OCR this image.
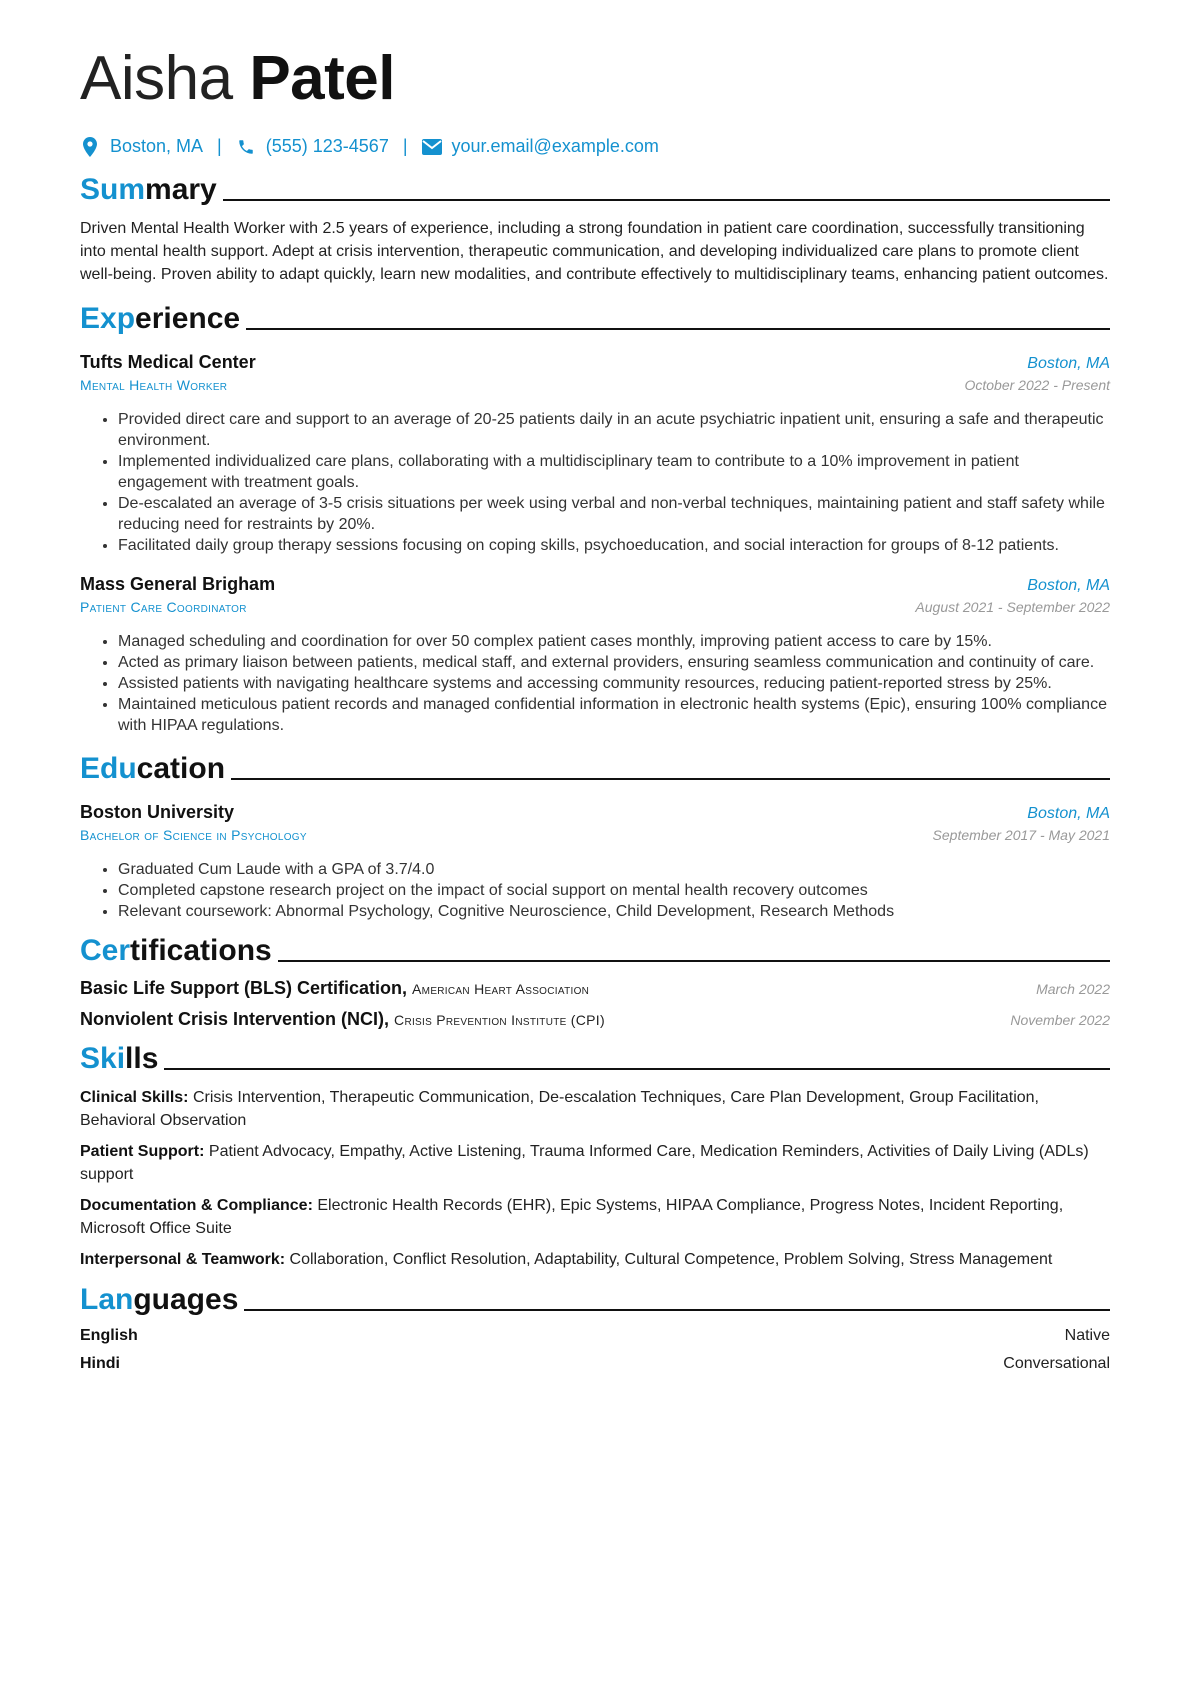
Aisha Patel
Boston, MA | (555) 123-4567 | your.email@example.com
Summary

Driven Mental Health Worker with 2.5 years of experience, including a strong foundation in patient care coordination, successfully transitioning into mental health support. Adept at crisis intervention, therapeutic communication, and developing individualized care plans to promote client well-being. Proven ability to adapt quickly, learn new modalities, and contribute effectively to multidisciplinary teams, enhancing patient outcomes.

Experience
Tufts Medical Center	Boston, MA
Mental Health Worker	October 2022 - Present
• Provided direct care and support to an average of 20-25 patients daily in an acute psychiatric inpatient unit, ensuring a safe and therapeutic environment.
• Implemented individualized care plans, collaborating with a multidisciplinary team to contribute to a 10% improvement in patient engagement with treatment goals.
• De-escalated an average of 3-5 crisis situations per week using verbal and non-verbal techniques, maintaining patient and staff safety while reducing need for restraints by 20%.
• Facilitated daily group therapy sessions focusing on coping skills, psychoeducation, and social interaction for groups of 8-12 patients.
Mass General Brigham	Boston, MA
Patient Care Coordinator	August 2021 - September 2022
• Managed scheduling and coordination for over 50 complex patient cases monthly, improving patient access to care by 15%.
• Acted as primary liaison between patients, medical staff, and external providers, ensuring seamless communication and continuity of care.
• Assisted patients with navigating healthcare systems and accessing community resources, reducing patient-reported stress by 25%.
• Maintained meticulous patient records and managed confidential information in electronic health systems (Epic), ensuring 100% compliance with HIPAA regulations.
Education
Boston University	Boston, MA
Bachelor of Science in Psychology	September 2017 - May 2021
• Graduated Cum Laude with a GPA of 3.7/4.0
• Completed capstone research project on the impact of social support on mental health recovery outcomes
• Relevant coursework: Abnormal Psychology, Cognitive Neuroscience, Child Development, Research Methods
Certifications
Basic Life Support (BLS) Certification, American Heart Association	March 2022
Nonviolent Crisis Intervention (NCI), Crisis Prevention Institute (CPI)	November 2022
Skills
Clinical Skills: Crisis Intervention, Therapeutic Communication, De-escalation Techniques, Care Plan Development, Group Facilitation, Behavioral Observation
Patient Support: Patient Advocacy, Empathy, Active Listening, Trauma Informed Care, Medication Reminders, Activities of Daily Living (ADLs) support
Documentation & Compliance: Electronic Health Records (EHR), Epic Systems, HIPAA Compliance, Progress Notes, Incident Reporting, Microsoft Office Suite
Interpersonal & Teamwork: Collaboration, Conflict Resolution, Adaptability, Cultural Competence, Problem Solving, Stress Management
Languages
English	Native
Hindi	Conversational
